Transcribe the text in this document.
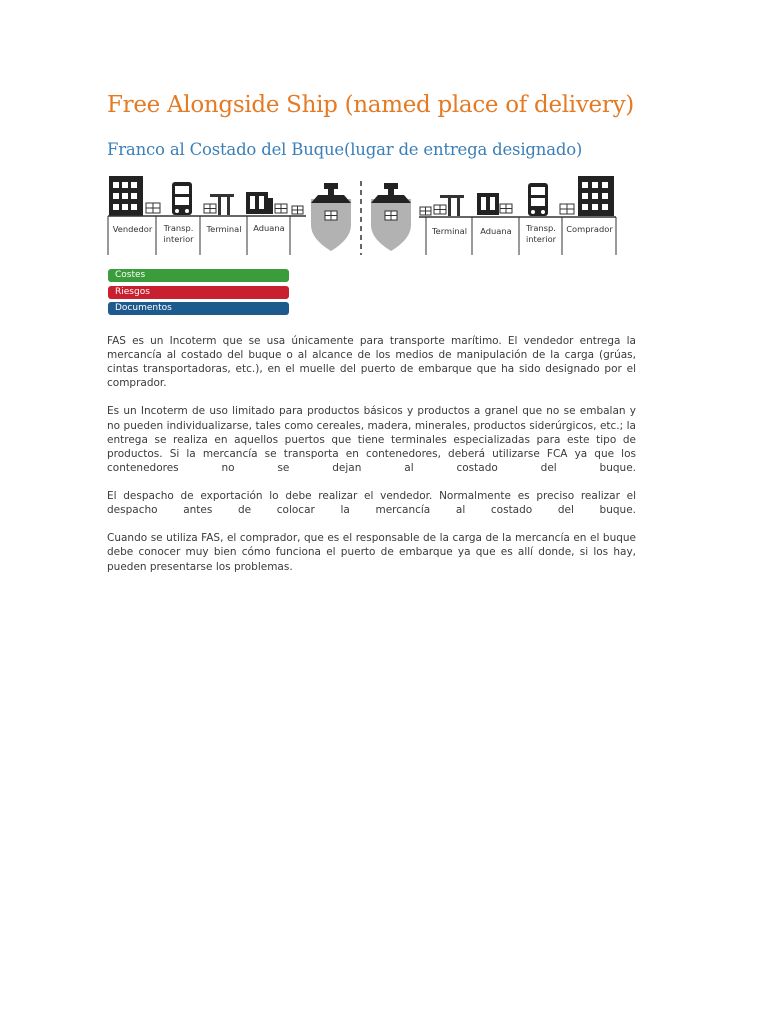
Free Alongside Ship (named place of delivery)
Franco al Costado del Buque(lugar de entrega designado)
Vendedor	Transp.
interior
Terminal	Aduana	Terminal	Aduana	Transp.
interior
Comprador
Costes
Riesgos
Documentos

FAS es un Incoterm que se usa únicamente para transporte marítimo. El vendedor entrega la mercancía al costado del buque o al alcance de los medios de manipulación de la carga (grúas, cintas transportadoras, etc.), en el muelle del puerto de embarque que ha sido designado por el comprador.

Es un Incoterm de uso limitado para productos básicos y productos a granel que no se embalan y no pueden individualizarse, tales como cereales, madera, minerales, productos siderúrgicos, etc.; la entrega se realiza en aquellos puertos que tiene terminales especializadas para este tipo de productos. Si la mercancía se transporta en contenedores, deberá utilizarse FCA ya que los contenedores no se dejan al costado del buque.

El despacho de exportación lo debe realizar el vendedor. Normalmente es preciso realizar el despacho antes de colocar la mercancía al costado del buque.

Cuando se utiliza FAS, el comprador, que es el responsable de la carga de la mercancía en el buque debe conocer muy bien cómo funciona el puerto de embarque ya que es allí donde, si los hay, pueden presentarse los problemas.
